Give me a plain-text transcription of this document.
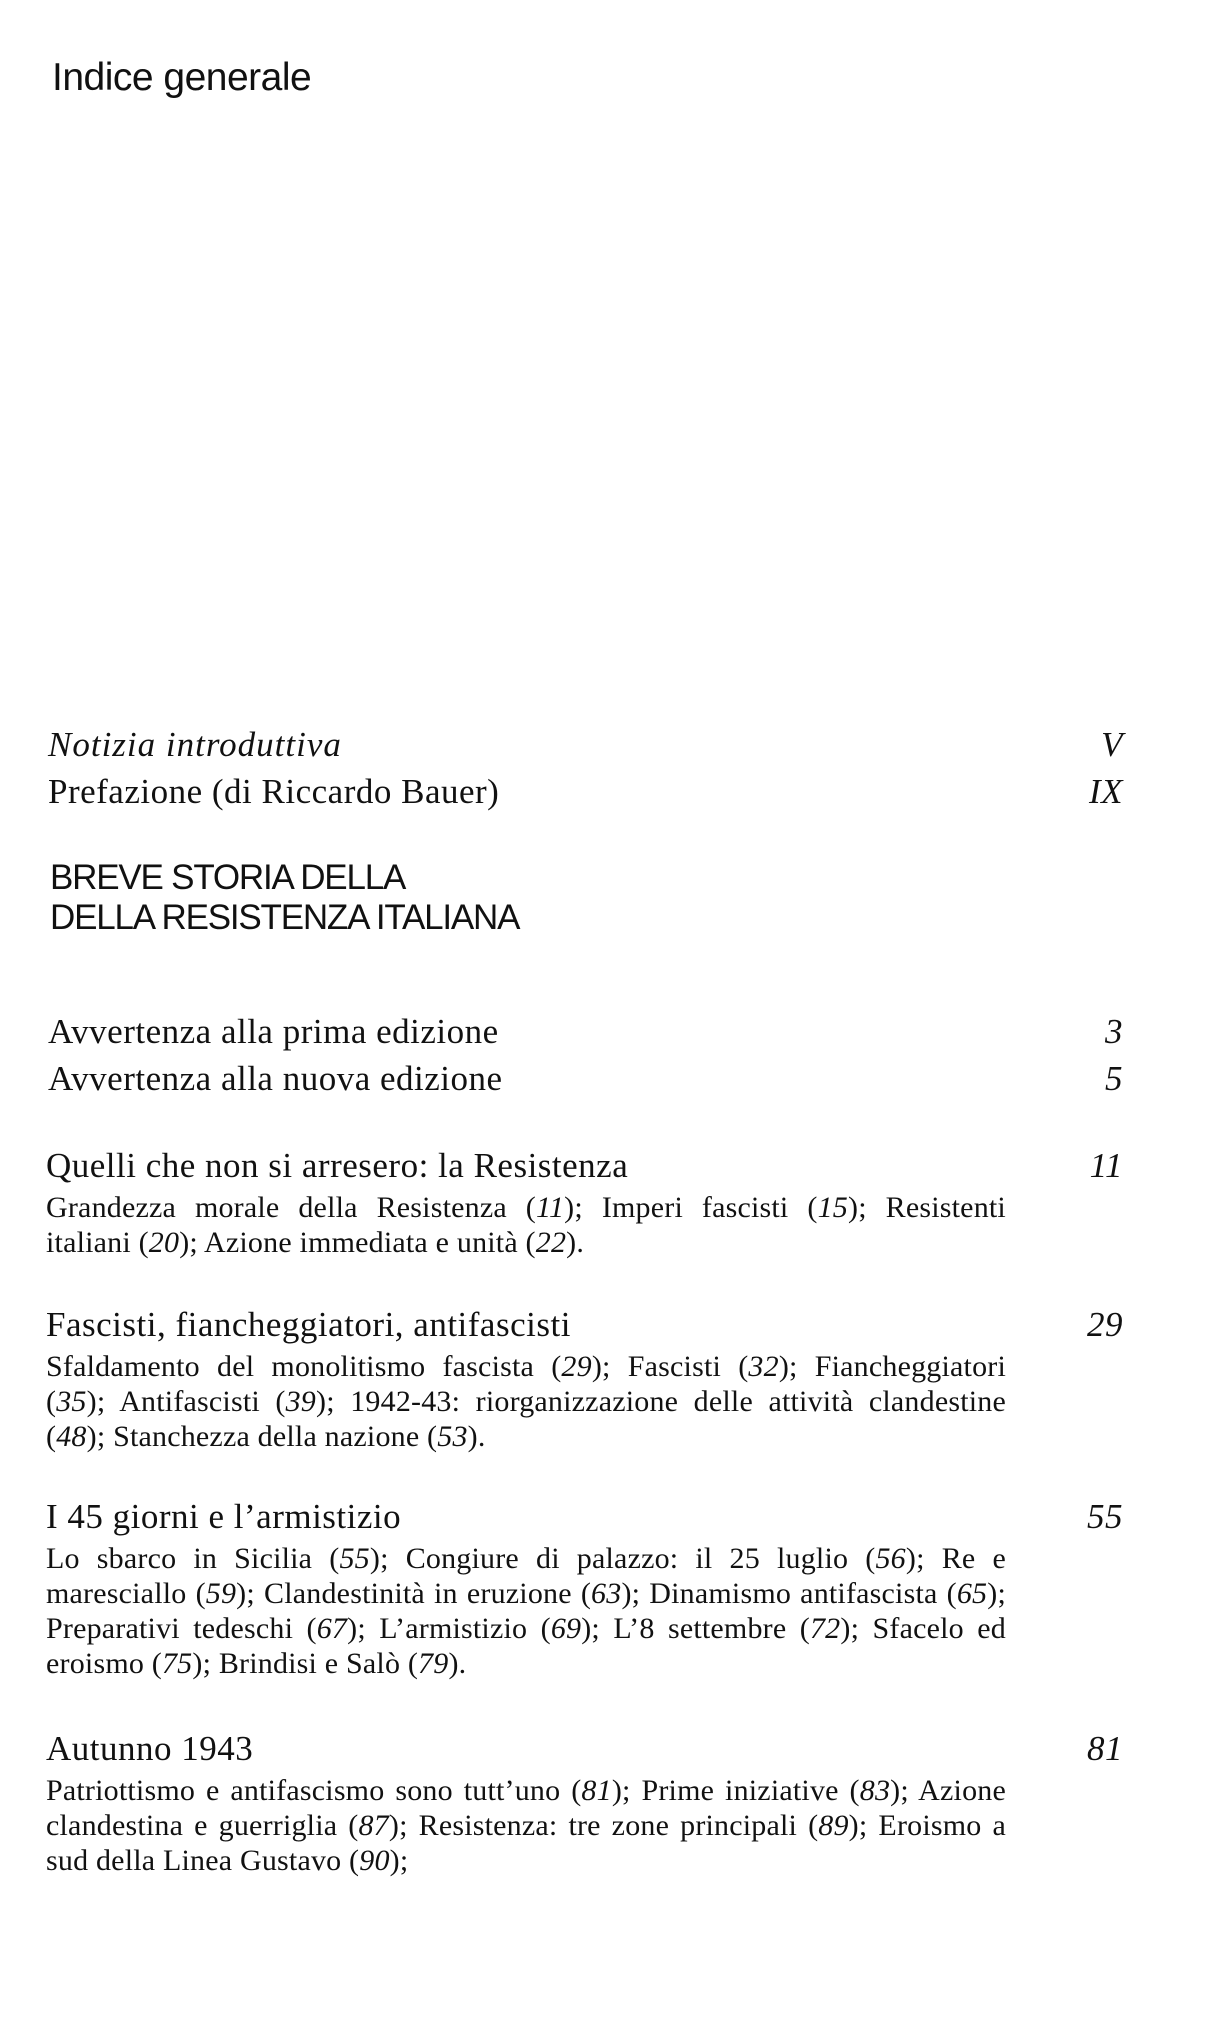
Indice generale
Notizia introduttiva	V
Prefazione (di Riccardo Bauer)	IX
BREVE STORIA DELLA
DELLA RESISTENZA ITALIANA
Avvertenza alla prima edizione	3
Avvertenza alla nuova edizione	5
Quelli che non si arresero: la Resistenza	11
Grandezza morale della Resistenza (11); Imperi fascisti (15); Resistenti italiani (20); Azione immediata e unità (22).
Fascisti, fiancheggiatori, antifascisti	29
Sfaldamento del monolitismo fascista (29); Fascisti (32); Fiancheggiatori (35); Antifascisti (39); 1942-43: riorganizzazione delle attività clandestine (48); Stanchezza della nazione (53).
I 45 giorni e l’armistizio	55
Lo sbarco in Sicilia (55); Congiure di palazzo: il 25 luglio (56); Re e maresciallo (59); Clandestinità in eruzione (63); Dinamismo antifascista (65); Preparativi tedeschi (67); L’armistizio (69); L’8 settembre (72); Sfacelo ed eroismo (75); Brindisi e Salò (79).
Autunno 1943	81
Patriottismo e antifascismo sono tutt’uno (81); Prime iniziative (83); Azione clandestina e guerriglia (87); Resistenza: tre zone principali (89); Eroismo a sud della Linea Gustavo (90);
